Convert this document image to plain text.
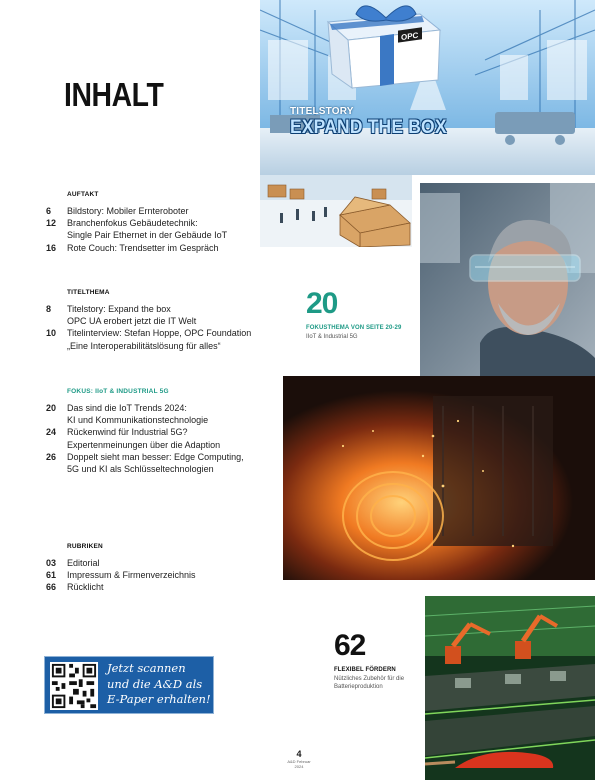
INHALT
AUFTAKT
6	Bildstory: Mobiler Ernteroboter
12	Branchenfokus Gebäudetechnik:
Single Pair Ethernet in der Gebäude IoT
16	Rote Couch: Trendsetter im Gespräch
TITELTHEMA
8	Titelstory: Expand the box
OPC UA erobert jetzt die IT Welt
10	Titelinterview: Stefan Hoppe, OPC Foundation
„Eine Interoperabilitätslösung für alles“
FOKUS: IIoT & INDUSTRIAL 5G
20	Das sind die IoT Trends 2024:
KI und Kommunikationstechnologie
24	Rückenwind für Industrial 5G?
Expertenmeinungen über die Adaption
26	Doppelt sieht man besser: Edge Computing,
5G und KI als Schlüsseltechnologien
RUBRIKEN
03	Editorial
61	Impressum & Firmenverzeichnis
66	Rücklicht
OPC
TITELSTORY
EXPAND THE BOX
20
FOKUSTHEMA VON SEITE 20-29
IIoT & Industrial 5G
62
FLEXIBEL FÖRDERN
Nützliches Zubehör für die Batterieproduktion
Jetzt scannen
und die A&D als
E-Paper erhalten!
4
A&D Februar 2024
